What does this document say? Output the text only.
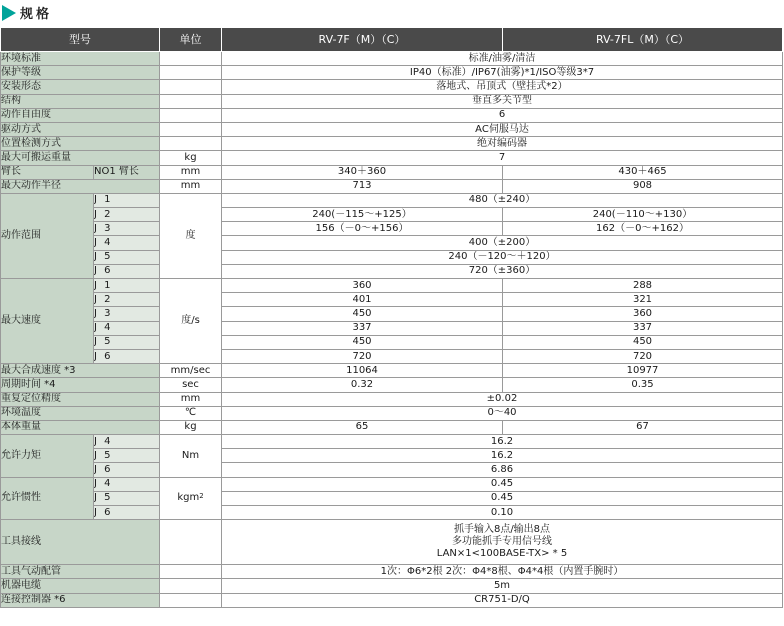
规格
型号		单位	RV-7F（M）（C）	RV-7FL（M）（C）
环境标准			标准/油雾/清洁	
保护等级			IP40（标准）/IP67(油雾)*1/ISO等级3*7	
安装形态			落地式、吊顶式（壁挂式*2）	
结构			垂直多关节型	
动作自由度			6	
驱动方式			AC伺服马达	
位置检测方式			绝对编码器	
最大可搬运重量		kg	7	
臂长	NO1 臂长	mm	340＋360	430＋465
最大动作半径		mm	713	908
动作范围	J 1	度	480（±240）	
	J 2		240(－115～+125）	240(－110～+130）
	J 3		156（－0～+156）	162（－0～+162）
	J 4		400（±200）	
	J 5		240（－120～＋120）	
	J 6		720（±360）	
最大速度	J 1	度/s	360	288
	J 2		401	321
	J 3		450	360
	J 4		337	337
	J 5		450	450
	J 6		720	720
最大合成速度 *3		mm/sec	11064	10977
周期时间 *4		sec	0.32	0.35
重复定位精度		mm	±0.02	
环境温度		℃	0～40	
本体重量		kg	65	67
允许力矩	J 4	Nm	16.2	
	J 5		16.2	
	J 6		6.86	
允许惯性	J 4	kgm$^2$	0.45	
	J 5		0.45	
	J 6		0.10	
工具接线			抓手输入8点/输出8点
多功能抓手专用信号线
LAN×1<100BASE-TX> * 5	

工具气动配管			1次：Φ6*2根 2次：Φ4*8根、Φ4*4根（内置手腕时）	
机器电缆			5m	
连接控制器 *6			CR751-D/Q	
